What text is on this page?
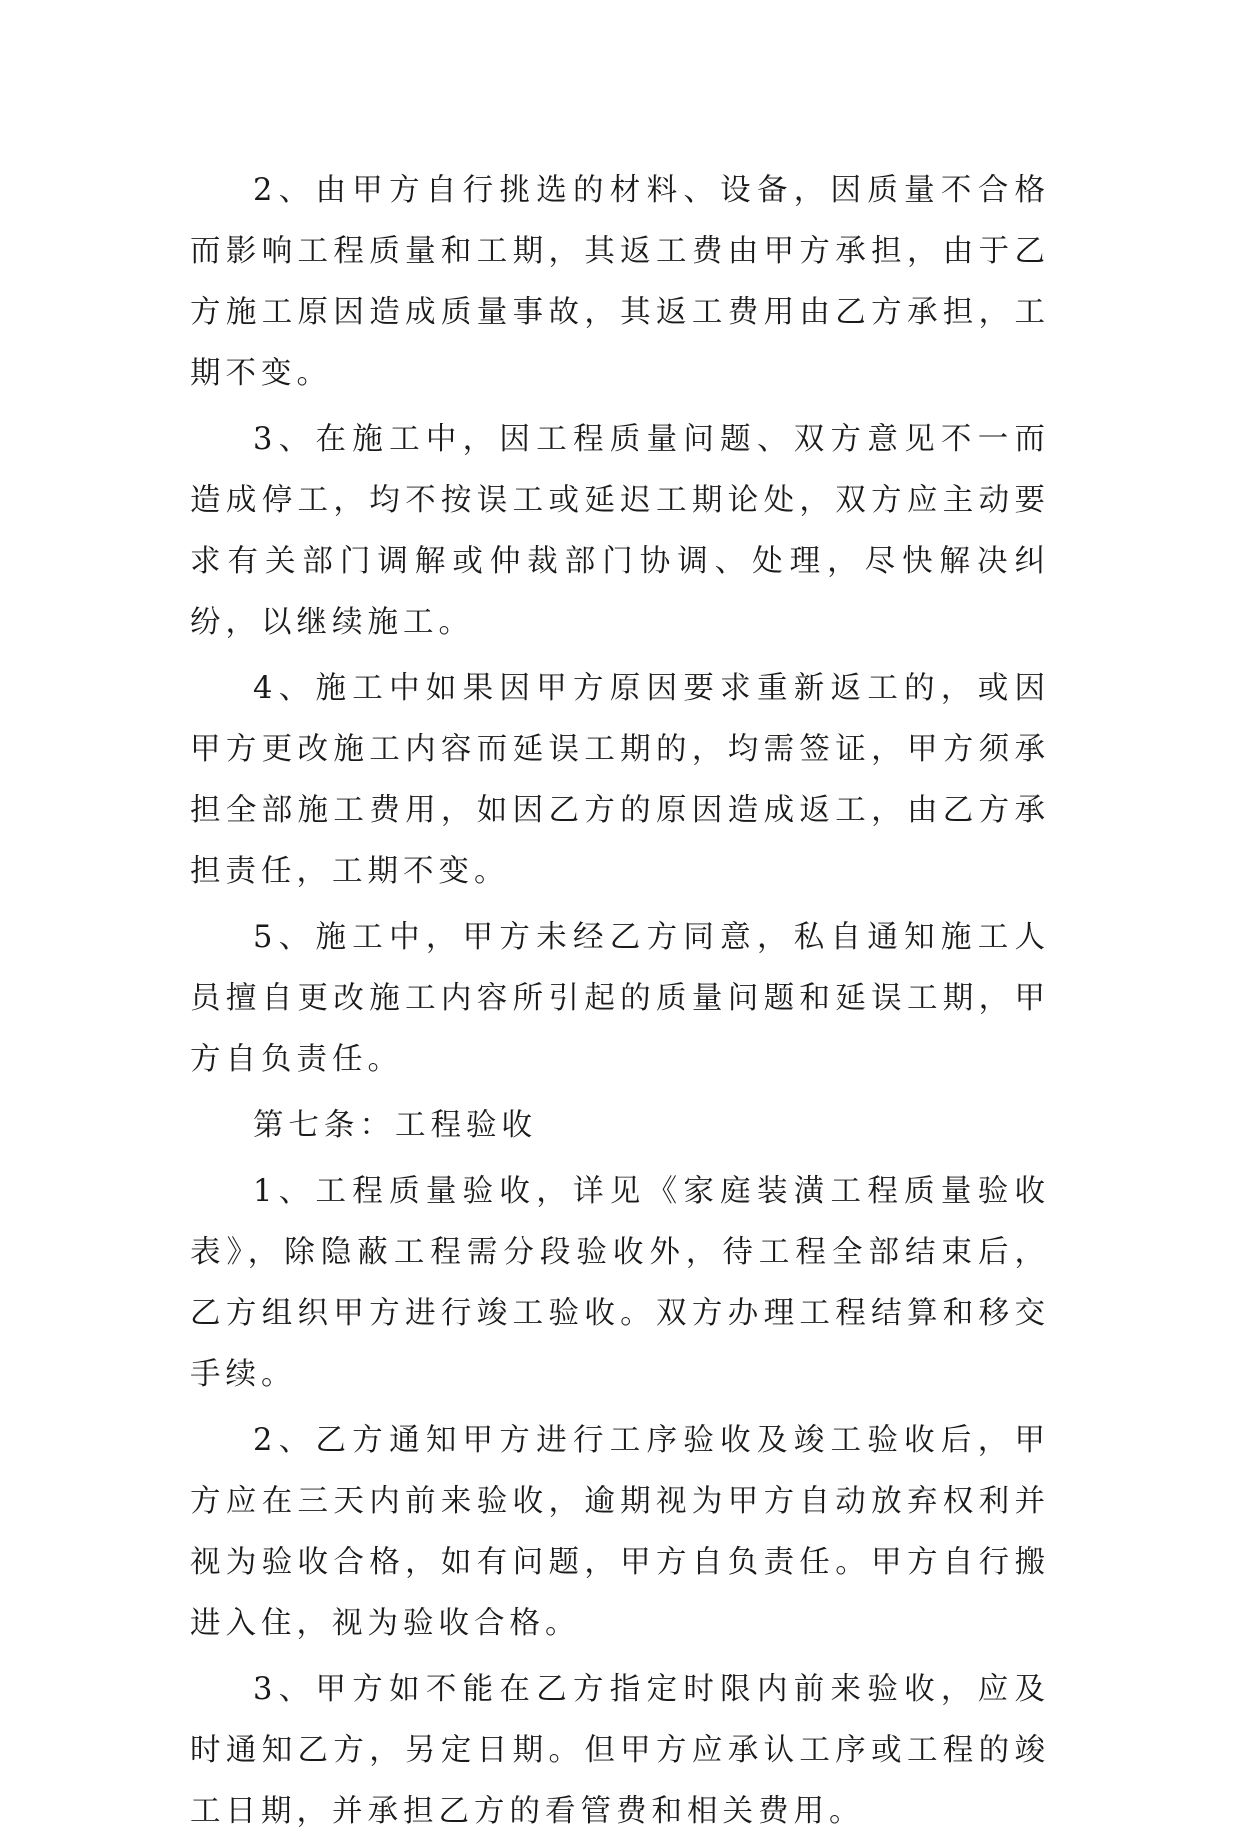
2、由甲方自行挑选的材料、设备，因质量不合格而影响工程质量和工期，其返工费由甲方承担，由于乙方施工原因造成质量事故，其返工费用由乙方承担，工期不变。

3、在施工中，因工程质量问题、双方意见不一而造成停工，均不按误工或延迟工期论处，双方应主动要求有关部门调解或仲裁部门协调、处理，尽快解决纠纷，以继续施工。

4、施工中如果因甲方原因要求重新返工的，或因甲方更改施工内容而延误工期的，均需签证，甲方须承担全部施工费用，如因乙方的原因造成返工，由乙方承担责任，工期不变。

5、施工中，甲方未经乙方同意，私自通知施工人员擅自更改施工内容所引起的质量问题和延误工期，甲方自负责任。

第七条：工程验收

1、工程质量验收，详见《家庭装潢工程质量验收表》，除隐蔽工程需分段验收外，待工程全部结束后，乙方组织甲方进行竣工验收。双方办理工程结算和移交手续。

2、乙方通知甲方进行工序验收及竣工验收后，甲方应在三天内前来验收，逾期视为甲方自动放弃权利并视为验收合格，如有问题，甲方自负责任。甲方自行搬进入住，视为验收合格。

3、甲方如不能在乙方指定时限内前来验收，应及时通知乙方，另定日期。但甲方应承认工序或工程的竣工日期，并承担乙方的看管费和相关费用。
